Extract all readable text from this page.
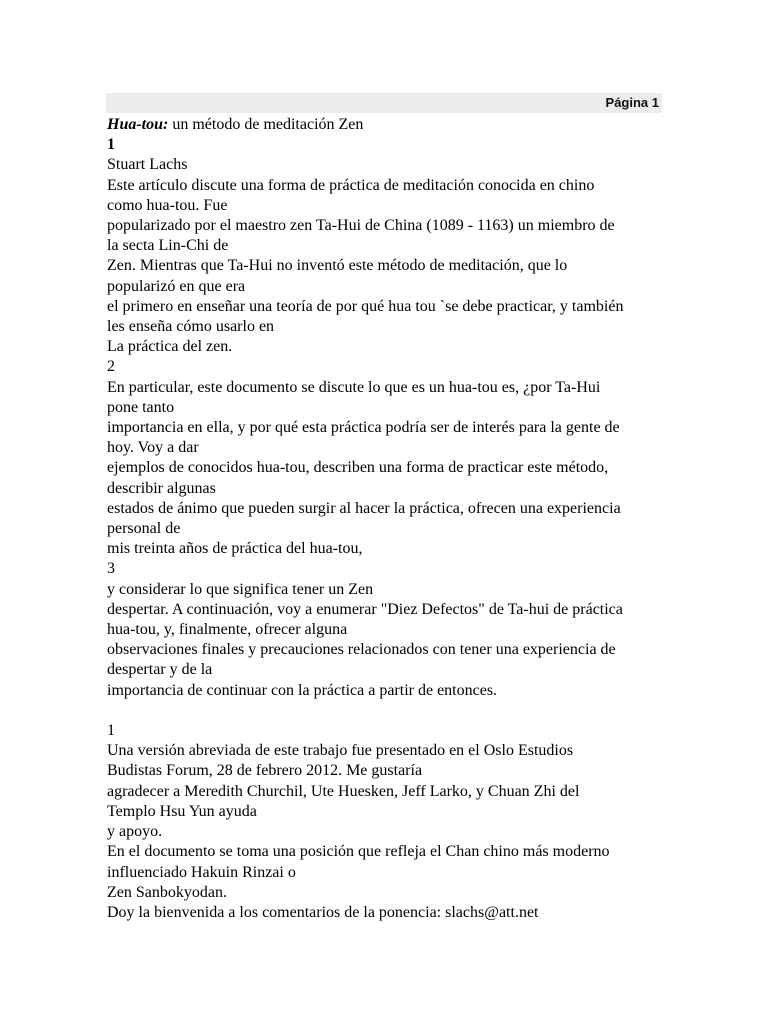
Página 1
Hua-tou: un método de meditación Zen
1
Stuart Lachs
Este artículo discute una forma de práctica de meditación conocida en chino
como hua-tou. Fue
popularizado por el maestro zen Ta-Hui de China (1089 - 1163) un miembro de
la secta Lin-Chi de
Zen. Mientras que Ta-Hui no inventó este método de meditación, que lo
popularizó en que era
el primero en enseñar una teoría de por qué hua tou `se debe practicar, y también
les enseña cómo usarlo en
La práctica del zen.
2
En particular, este documento se discute lo que es un hua-tou es, ¿por Ta-Hui
pone tanto
importancia en ella, y por qué esta práctica podría ser de interés para la gente de
hoy. Voy a dar
ejemplos de conocidos hua-tou, describen una forma de practicar este método,
describir algunas
estados de ánimo que pueden surgir al hacer la práctica, ofrecen una experiencia
personal de
mis treinta años de práctica del hua-tou,
3
y considerar lo que significa tener un Zen
despertar. A continuación, voy a enumerar "Diez Defectos" de Ta-hui de práctica
hua-tou, y, finalmente, ofrecer alguna
observaciones finales y precauciones relacionados con tener una experiencia de
despertar y de la
importancia de continuar con la práctica a partir de entonces.
1
Una versión abreviada de este trabajo fue presentado en el Oslo Estudios
Budistas Forum, 28 de febrero 2012. Me gustaría
agradecer a Meredith Churchil, Ute Huesken, Jeff Larko, y Chuan Zhi del
Templo Hsu Yun ayuda
y apoyo.
En el documento se toma una posición que refleja el Chan chino más moderno
influenciado Hakuin Rinzai o
Zen Sanbokyodan.
Doy la bienvenida a los comentarios de la ponencia: slachs@att.net
